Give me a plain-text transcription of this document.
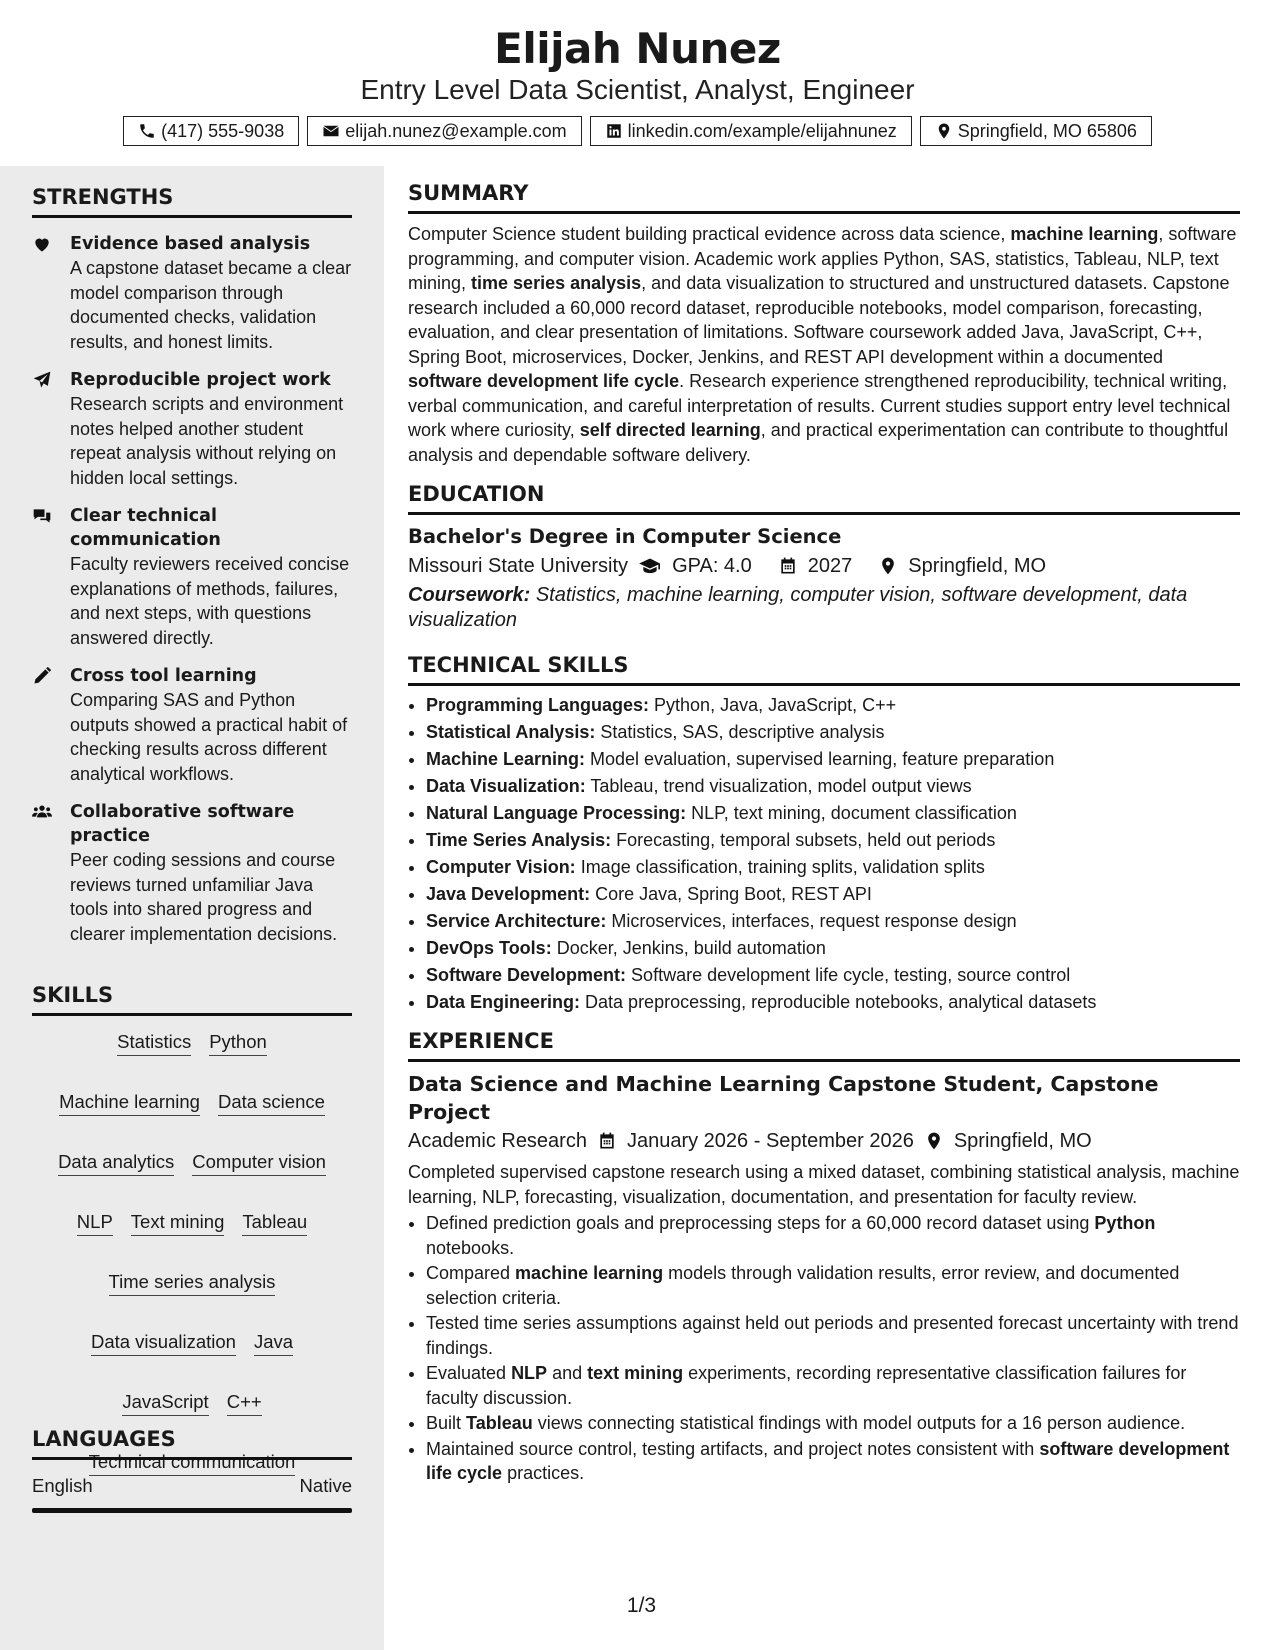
Elijah Nunez
Entry Level Data Scientist, Analyst, Engineer
(417) 555-9038	elijah.nunez@example.com	linkedin.com/example/elijahnunez	Springfield, MO 65806
STRENGTHS
Evidence based analysis
A capstone dataset became a clear model comparison through documented checks, validation results, and honest limits.
Reproducible project work
Research scripts and environment notes helped another student repeat analysis without relying on hidden local settings.
Clear technical communication
Faculty reviewers received concise explanations of methods, failures, and next steps, with questions answered directly.
Cross tool learning
Comparing SAS and Python outputs showed a practical habit of checking results across different analytical workflows.
Collaborative software practice
Peer coding sessions and course reviews turned unfamiliar Java tools into shared progress and clearer implementation decisions.
SKILLS
Statistics Python
Machine learning Data science
Data analytics Computer vision
NLP Text mining Tableau
Time series analysis
Data visualization Java
JavaScript C++
Technical communication
LANGUAGES
English	Native
SUMMARY
Computer Science student building practical evidence across data science, machine learning, software programming, and computer vision. Academic work applies Python, SAS, statistics, Tableau, NLP, text mining, time series analysis, and data visualization to structured and unstructured datasets. Capstone research included a 60,000 record dataset, reproducible notebooks, model comparison, forecasting, evaluation, and clear presentation of limitations. Software coursework added Java, JavaScript, C++, Spring Boot, microservices, Docker, Jenkins, and REST API development within a documented software development life cycle. Research experience strengthened reproducibility, technical writing, verbal communication, and careful interpretation of results. Current studies support entry level technical work where curiosity, self directed learning, and practical experimentation can contribute to thoughtful analysis and dependable software delivery.
EDUCATION
Bachelor's Degree in Computer Science
Missouri State University GPA: 4.0	2027	Springfield, MO
Coursework: Statistics, machine learning, computer vision, software development, data visualization
TECHNICAL SKILLS
• Programming Languages: Python, Java, JavaScript, C++
• Statistical Analysis: Statistics, SAS, descriptive analysis
• Machine Learning: Model evaluation, supervised learning, feature preparation
• Data Visualization: Tableau, trend visualization, model output views
• Natural Language Processing: NLP, text mining, document classification
• Time Series Analysis: Forecasting, temporal subsets, held out periods
• Computer Vision: Image classification, training splits, validation splits
• Java Development: Core Java, Spring Boot, REST API
• Service Architecture: Microservices, interfaces, request response design
• DevOps Tools: Docker, Jenkins, build automation
• Software Development: Software development life cycle, testing, source control
• Data Engineering: Data preprocessing, reproducible notebooks, analytical datasets
EXPERIENCE
Data Science and Machine Learning Capstone Student, Capstone Project
Academic Research January 2026 - September 2026 Springfield, MO
Completed supervised capstone research using a mixed dataset, combining statistical analysis, machine learning, NLP, forecasting, visualization, documentation, and presentation for faculty review.
• Defined prediction goals and preprocessing steps for a 60,000 record dataset using Python notebooks.
• Compared machine learning models through validation results, error review, and documented selection criteria.
• Tested time series assumptions against held out periods and presented forecast uncertainty with trend findings.
• Evaluated NLP and text mining experiments, recording representative classification failures for faculty discussion.
• Built Tableau views connecting statistical findings with model outputs for a 16 person audience.
• Maintained source control, testing artifacts, and project notes consistent with software development life cycle practices.
1/3
